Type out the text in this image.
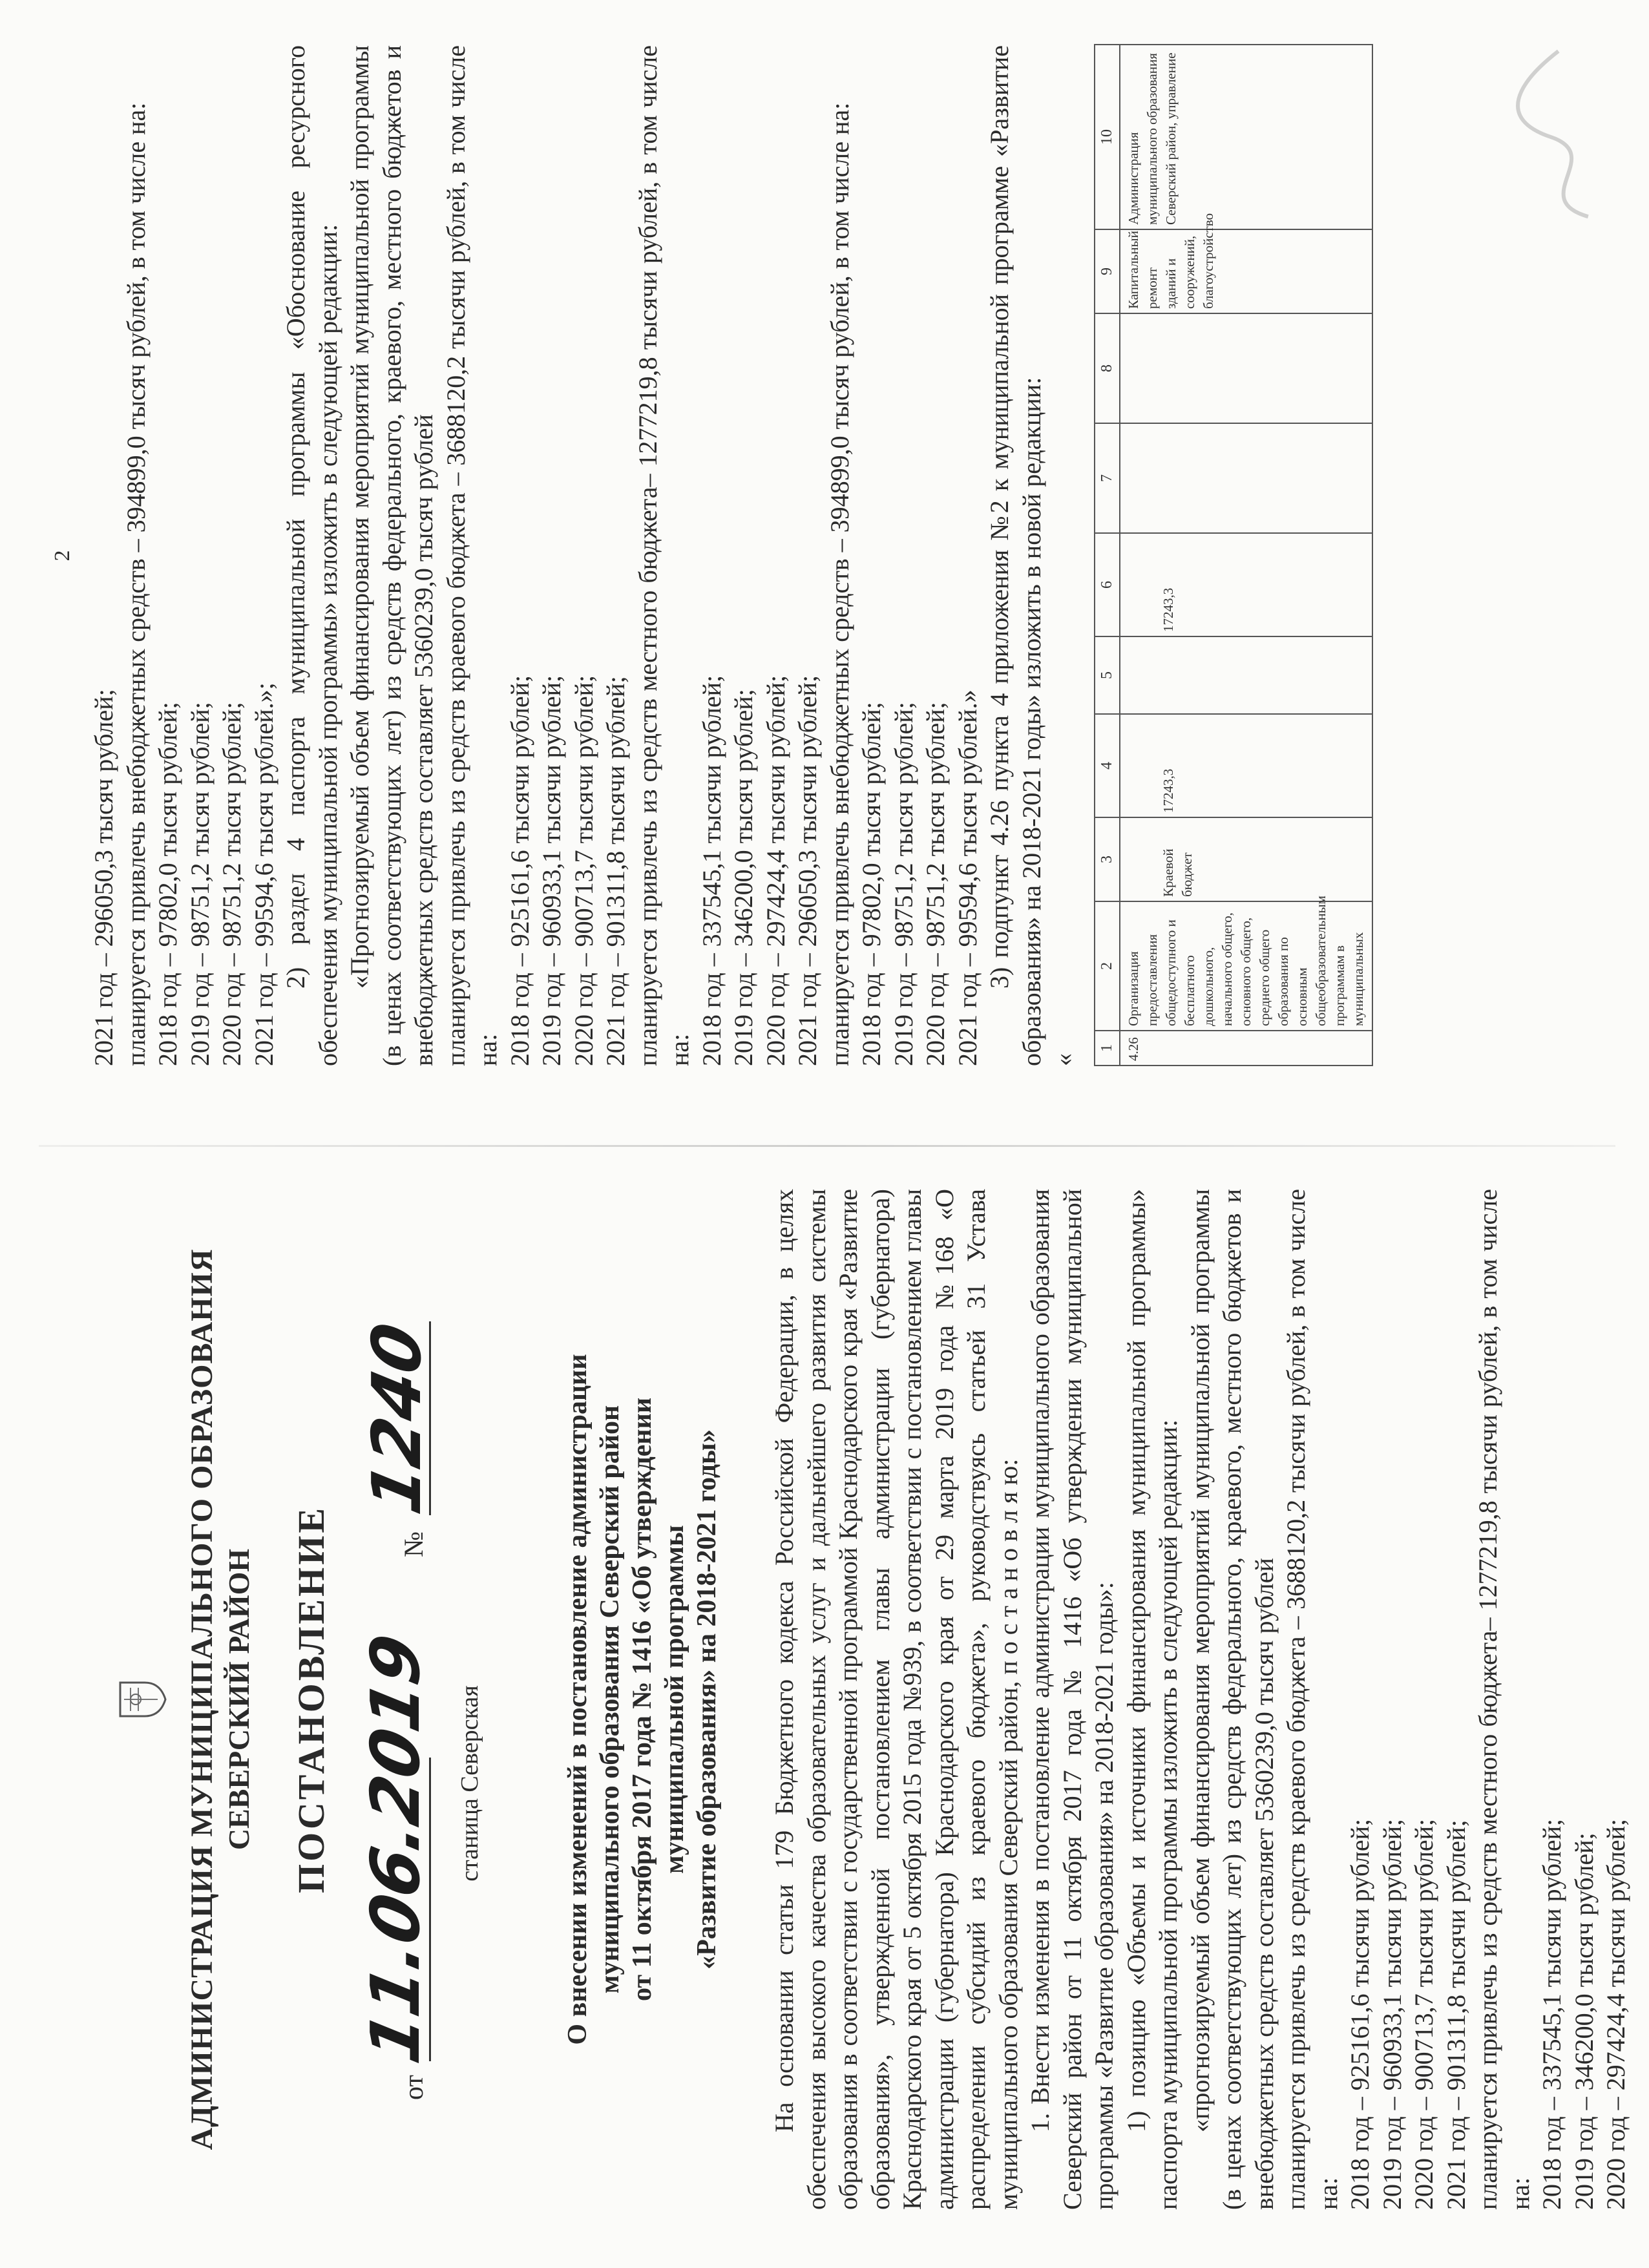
АДМИНИСТРАЦИЯ МУНИЦИПАЛЬНОГО ОБРАЗОВАНИЯ СЕВЕРСКИЙ РАЙОН ПОСТАНОВЛЕНИЕ
от
11.06.2019
№
1240
станица Северская	О внесении изменений в постановление администрации муниципального образования Северский район от 11 октября 2017 года № 1416 «Об утверждении муниципальной программы «Развитие образования» на 2018-2021 годы» На основании статьи 179 Бюджетного кодекса Российской Федерации, в целях обеспечения высокого качества образовательных услуг и дальнейшего развития системы образования в соответствии с государственной программой Краснодарского края «Развитие образования», утвержденной постановлением главы администрации (губернатора) Краснодарского края от 5 октября 2015 года №939, в соответствии с постановлением главы администрации (губернатора) Краснодарского края от 29 марта 2019 года №168 «О распределении субсидий из краевого бюджета», руководствуясь статьей 31 Устава муниципального образования Северский район, п о с т а н о в л я ю: 1. Внести изменения в постановление администрации муниципального образования Северский район от 11 октября 2017 года № 1416 «Об утверждении муниципальной программы «Развитие образования» на 2018-2021 годы»: 1) позицию «Объемы и источники финансирования муниципальной программы» паспорта муниципальной программы изложить в следующей редакции: «прогнозируемый объем финансирования мероприятий муниципальной программы (в ценах соответствующих лет) из средств федерального, краевого, местного бюджетов и внебюджетных средств составляет 5360239,0 тысяч рублей планируется привлечь из средств краевого бюджета – 3688120,2 тысячи рублей, в том числе на: 2018 год – 925161,6 тысячи рублей; 2019 год – 960933,1 тысячи рублей; 2020 год – 900713,7 тысячи рублей; 2021 год – 901311,8 тысячи рублей; планируется привлечь из средств местного бюджета– 1277219,8 тысячи рублей, в том числе на: 2018 год – 337545,1 тысячи рублей; 2019 год – 346200,0 тысяч рублей; 2020 год – 297424,4 тысячи рублей;

2

2021 год – 296050,3 тысяч рублей; планируется привлечь внебюджетных средств – 394899,0 тысяч рублей, в том числе на: 2018 год – 97802,0 тысяч рублей; 2019 год – 98751,2 тысяч рублей; 2020 год – 98751,2 тысяч рублей; 2021 год – 99594,6 тысяч рублей.»; 2) раздел 4 паспорта муниципальной программы «Обоснование ресурсного обеспечения муниципальной программы» изложить в следующей редакции: «Прогнозируемый объем финансирования мероприятий муниципальной программы (в ценах соответствующих лет) из средств федерального, краевого, местного бюджетов и внебюджетных средств составляет 5360239,0 тысяч рублей планируется привлечь из средств краевого бюджета – 3688120,2 тысячи рублей, в том числе на: 2018 год – 925161,6 тысячи рублей; 2019 год – 960933,1 тысячи рублей; 2020 год – 900713,7 тысячи рублей; 2021 год – 901311,8 тысячи рублей; планируется привлечь из средств местного бюджета– 1277219,8 тысячи рублей, в том числе на: 2018 год – 337545,1 тысячи рублей; 2019 год – 346200,0 тысяч рублей; 2020 год – 297424,4 тысячи рублей; 2021 год – 296050,3 тысячи рублей; планируется привлечь внебюджетных средств – 394899,0 тысяч рублей, в том числе на: 2018 год – 97802,0 тысяч рублей; 2019 год – 98751,2 тысяч рублей; 2020 год – 98751,2 тысяч рублей; 2021 год – 99594,6 тысяч рублей.» 3) подпункт 4.26 пункта 4 приложения №2 к муниципальной программе «Развитие образования» на 2018-2021 годы» изложить в новой редакции: «

1	2	3	4	5	6	7	8	9	10
4.26	Организация предоставления общедоступного и бесплатного дошкольного, начального общего, основного общего, среднего общего образования по основным общеобразовательным программам в муниципальных	Краевой бюджет	17243,3		17243,3			Капитальный ремонт зданий и сооружений, благоустройство	Администрация муниципального образования Северский район, управление
